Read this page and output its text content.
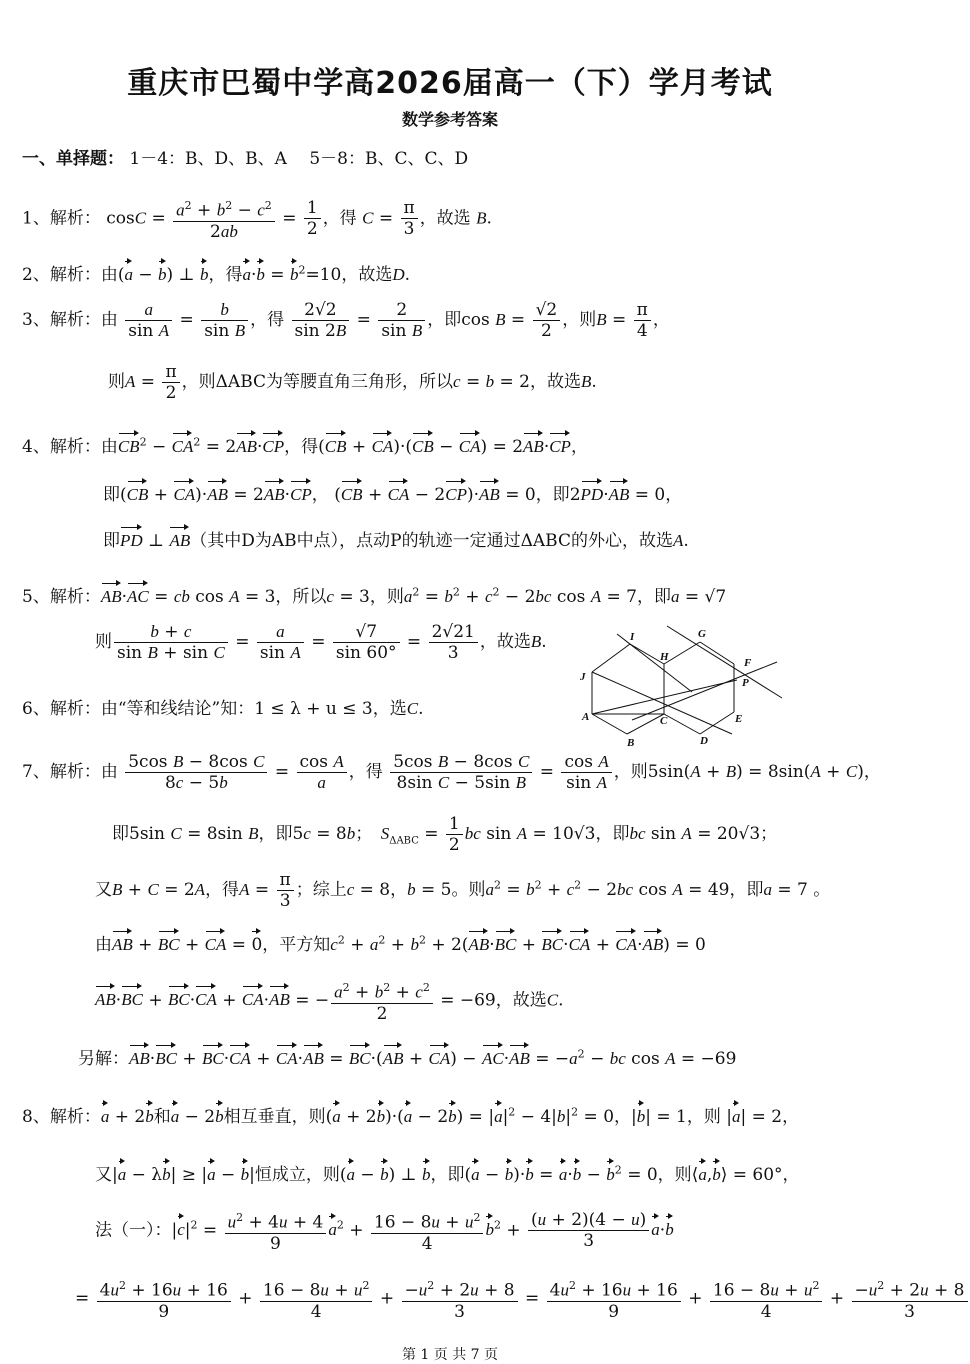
重庆市巴蜀中学高2026届高一（下）学月考试
数学参考答案
一、单择题： 1－4：B、D、B、A　 5－8：B、C、C、D
1、解析： $\cos C = \frac{a^2 + b^2 - c^2}{2ab} = \frac{1}{2}$ ，得 $C = \frac{\pi}{3}$ ，故选 B.
2、解析：由(a − b) ⊥ b，得$a\cdot b = b^2=10$，故选D.
3、解析：由 $\frac{a}{\text{sin A}} = \frac{b}{\text{sin B}}$ ，得 $\frac{2√2}{\sin 2B} = \frac{2}{\text{sin B}}$ ，即$\cos B = \frac{√2}{2}$ ，则$B = \frac{\pi}{4}$ ，
则$A = \frac{\pi}{2}$ ，则ΔABC为等腰直角三角形，所以c = b = 2，故选B.
4、解析：由$CB^2 - CA^2 = 2AB\cdot CP$，得(CB + CA)·(CB − CA) = 2AB·CP，
即(CB + CA)·AB = 2AB·CP， (CB + CA − 2CP)·AB = 0，即2PD·AB = 0，
即PD ⊥ AB（其中D为AB中点），点动P的轨迹一定通过ΔABC的外心，故选A.
5、解析：AB·AC = cb cos A = 3，所以c = 3，则$a^2 = b^2 + c^2 - 2bc$ cos A = 7，即a = √7
则 $\frac{b + c}{\text{sin B + sin C}} = \frac{a}{\text{sin A}} = \frac{√7}{\sin 60^\circ} = \frac{2√21}{3}$ ，故选B.	I	G
H	F
J	P
A	C	E
B	D
6、解析：由“等和线结论”知：1 ≤ λ + u ≤ 3，选C.
7、解析：由 $\frac{\text{5cos B − 8cos C}}{8c - 5b} = \frac{\text{cos A}}{a}$ ，得 $\frac{\text{5cos B − 8cos C}}{\text{8sin C − 5sin B}} = \frac{\text{cos A}}{\text{sin A}}$ ，则5sin(A + B) = 8sin(A + C)，
即5sin C = 8sin B，即5c = 8b；　$S_{\Delta ABC} = \frac{1}{2}$ bc sin A = 10√3，即bc sin A = 20√3；
又B + C = 2A，得$A = \frac{\pi}{3}$ ；综上c = 8，b = 5。则$a^2 = b^2 + c^2 - 2bc$ cos A = 49，即a = 7 。
由AB + BC + CA = 0，平方知$c^2 + a^2 + b^2 + 2(AB\cdot BC + BC\cdot CA + CA\cdot AB) = 0$
AB·BC + BC·CA + CA·AB = − $\frac{a^2 + b^2 + c^2}{2} = -69$，故选C.
另解：$AB\cdot BC + BC\cdot CA + CA\cdot AB = BC\cdot(AB + CA) - AC\cdot AB = -a^2$ − bc cos A = −69
8、解析：a + 2b和a − 2b相互垂直，则$(a + 2b)\cdot(a - 2b) = |a|^2 - 4|b|^2 = 0$，|b| = 1，则 |a| = 2，
又|a − λb| ≥ |a − b|恒成立，则(a − b) ⊥ b，即$(a - b)\cdot b = a\cdot b - b^2 = 0$，则⟨a,b⟩ = 60°，
法（一）：$|c|^2 = \frac{u^2 + 4u + 4}{9} a^2 + \frac{16 - 8u + u^2}{4} b^2 + \frac{(u + 2)(4 - u)}{3} a\cdot b$
= $\frac{4u^2 + 16u + 16}{9} + \frac{16 - 8u + u^2}{4} + \frac{-u^2 + 2u + 8}{3} = \frac{4u^2 + 16u + 16}{9} + \frac{16 - 8u + u^2}{4} + \frac{-u^2 + 2u + 8}{3}$
第 1 页 共 7 页
